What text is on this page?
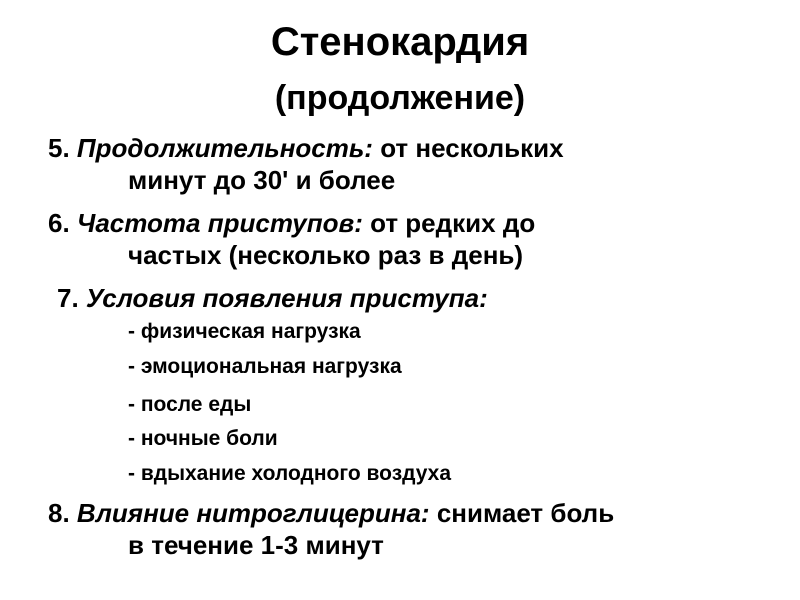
Стенокардия
(продолжение)
5. Продолжительность: от нескольких
минут до 30' и более
6. Частота приступов: от редких до
частых (несколько раз в день)
7. Условия появления приступа:
- физическая нагрузка
- эмоциональная нагрузка
- после еды
- ночные боли
- вдыхание холодного воздуха
8. Влияние нитроглицерина: снимает боль
в течение 1-3 минут
